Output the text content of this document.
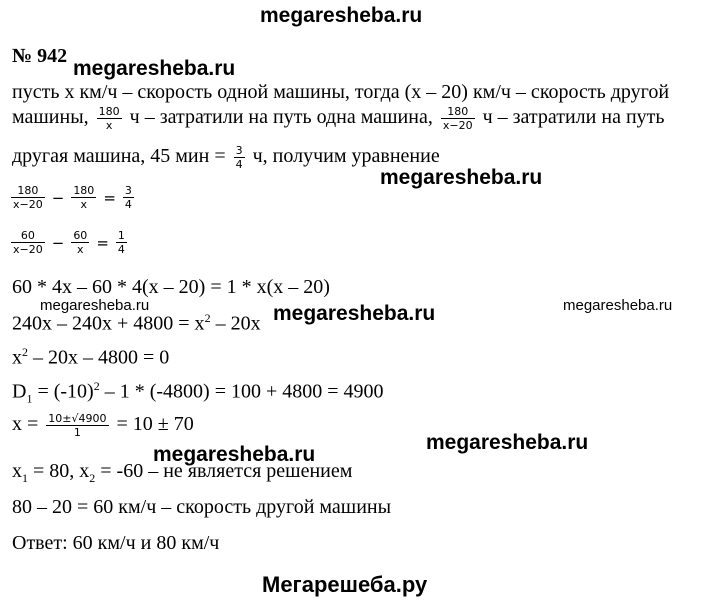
megaresheba.ru
megaresheba.ru
megaresheba.ru
megaresheba.ru	megaresheba.ru
megaresheba.ru
megaresheba.ru
megaresheba.ru
Мегарешеба.ру
№ 942
пусть х км/ч – скорость одной машины, тогда (х – 20) км/ч – скорость другой
машины, $\frac{180}{x}$ ч – затратили на путь одна машина, $\frac{180}{x-20}$ ч – затратили на путь
другая машина, 45 мин = $\frac{3}{4} ч$, получим уравнение
$\frac{180}{x-20} - \frac{180}{x} = \frac{3}{4}$
$\frac{60}{x-20} - \frac{60}{x} = \frac{1}{4}$
60 * 4х – 60 * 4(х – 20) = 1 * х(х – 20)
$240х - 240х + 4800 = х^2 - 20х$
$х^2 - 20х - 4800 = 0$
$D_1 = (-10)^2 - 1 * (-4800) = 100 + 4800 = 4900$
$х = \frac{10\pm√4900}{1} = 10 \pm 70$
$х_1 = 80$, $х_2 = -60$ – не является решением
80 – 20 = 60 км/ч – скорость другой машины
Ответ: 60 км/ч и 80 км/ч
